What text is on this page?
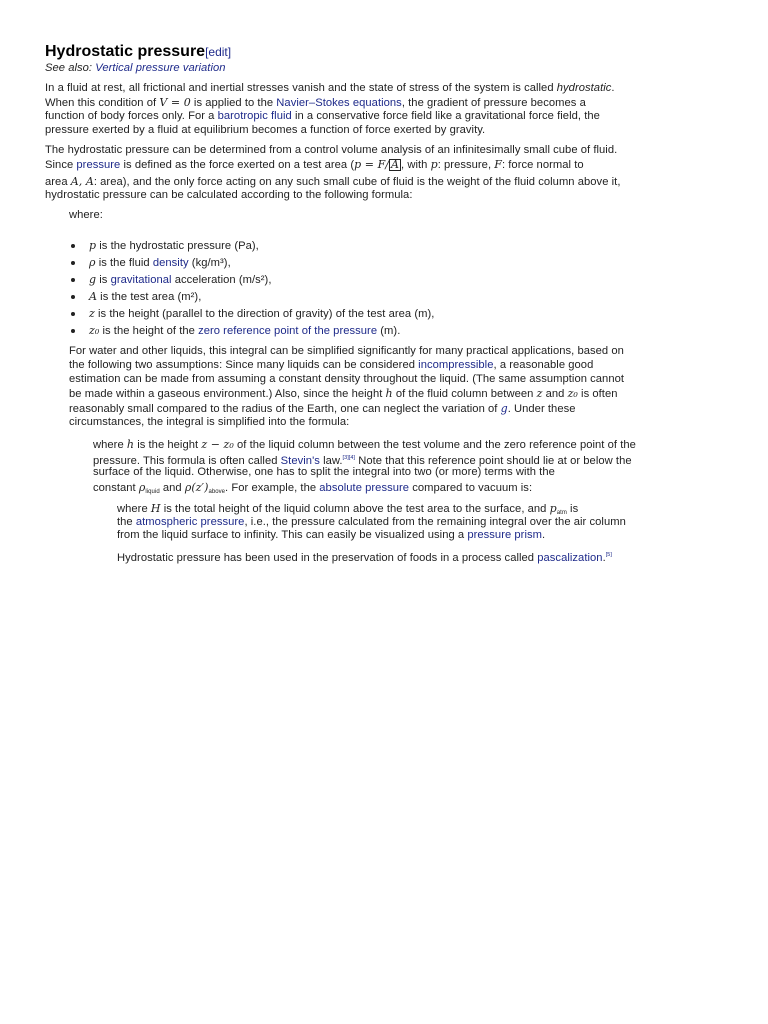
Hydrostatic pressure[edit]
See also: Vertical pressure variation
In a fluid at rest, all frictional and inertial stresses vanish and the state of stress of the system is called hydrostatic.
When this condition of V = 0 is applied to the Navier–Stokes equations, the gradient of pressure becomes a
function of body forces only. For a barotropic fluid in a conservative force field like a gravitational force field, the
pressure exerted by a fluid at equilibrium becomes a function of force exerted by gravity.
The hydrostatic pressure can be determined from a control volume analysis of an infinitesimally small cube of fluid.
Since pressure is defined as the force exerted on a test area (p = F/ A , with p: pressure, F: force normal to
area A, A: area), and the only force acting on any such small cube of fluid is the weight of the fluid column above it,
hydrostatic pressure can be calculated according to the following formula:
where:
p is the hydrostatic pressure (Pa),
ρ is the fluid density (kg/m³),
g is gravitational acceleration (m/s²),
A is the test area (m²),
z is the height (parallel to the direction of gravity) of the test area (m),
z₀ is the height of the zero reference point of the pressure (m).
For water and other liquids, this integral can be simplified significantly for many practical applications, based on
the following two assumptions: Since many liquids can be considered incompressible, a reasonable good
estimation can be made from assuming a constant density throughout the liquid. (The same assumption cannot
be made within a gaseous environment.) Also, since the height h of the fluid column between z and z₀ is often
reasonably small compared to the radius of the Earth, one can neglect the variation of g. Under these
circumstances, the integral is simplified into the formula:
where h is the height z − z₀ of the liquid column between the test volume and the zero reference point of the
pressure. This formula is often called Stevin's law.[3][4] Note that this reference point should lie at or below the
surface of the liquid. Otherwise, one has to split the integral into two (or more) terms with the
constant $\rho_{liquid}$ and $\rho(z')_{above}$. For example, the absolute pressure compared to vacuum is:
where H is the total height of the liquid column above the test area to the surface, and $p_{atm}$ is
the atmospheric pressure, i.e., the pressure calculated from the remaining integral over the air column
from the liquid surface to infinity. This can easily be visualized using a pressure prism.
Hydrostatic pressure has been used in the preservation of foods in a process called pascalization.[5]
